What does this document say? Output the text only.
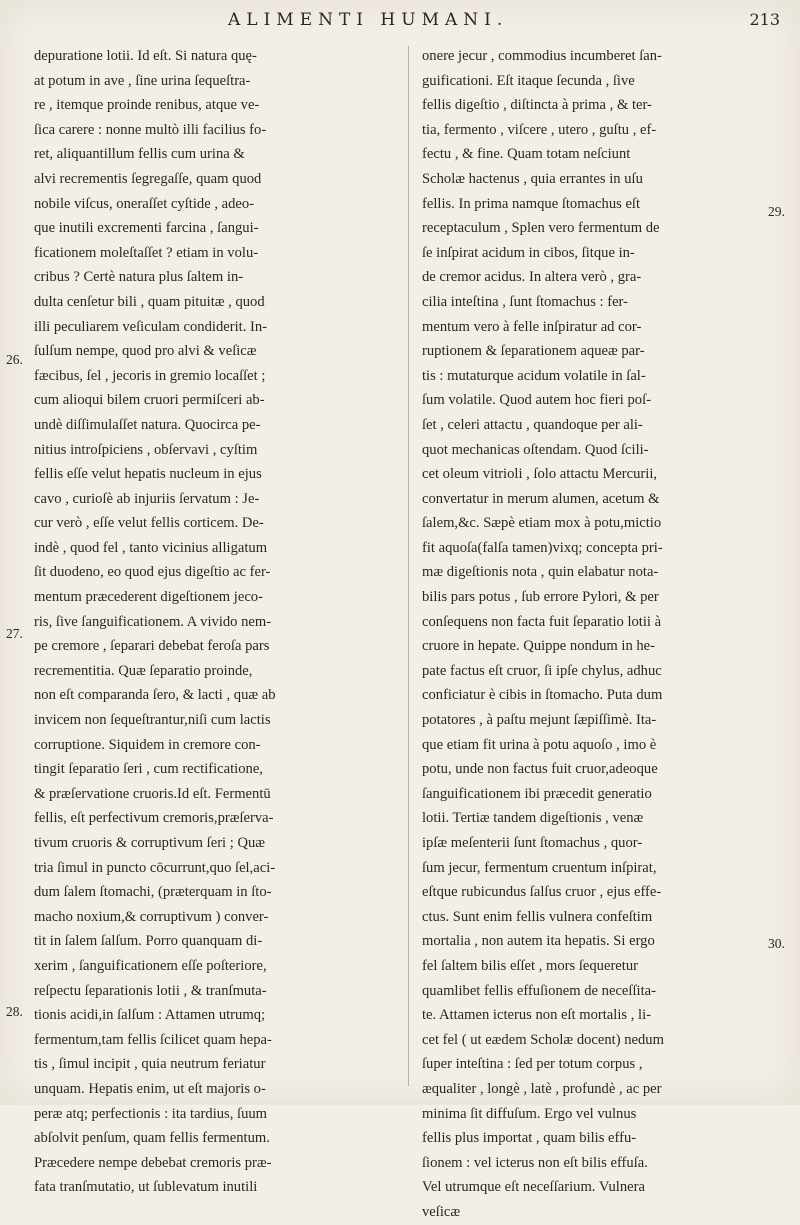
ALIMENTI HUMANI.	213
depuratione lotii. Id eſt. Si natura quę-
at potum in ave , ſine urina ſequeſtra-
re , itemque proinde renibus, atque ve-
ſica carere : nonne multò illi facilius fo-
ret, aliquantillum fellis cum urina &
alvi recrementis ſegregaſſe, quam quod
nobile viſcus, oneraſſet cyſtide , adeo-
que inutili excrementi farcina , ſangui-
ficationem moleſtaſſet ? etiam in volu-
cribus ? Certè natura plus ſaltem in-
dulta cenſetur bili , quam pituitæ , quod
illi peculiarem veſiculam condiderit. In-
ſulſum nempe, quod pro alvi & veſicæ
fæcibus, ſel , jecoris in gremio locaſſet ;
cum alioqui bilem cruori permiſceri ab-
undè diſſimulaſſet natura. Quocirca pe-
nitius introſpiciens , obſervavi , cyſtim
fellis eſſe velut hepatis nucleum in ejus
cavo , curioſè ab injuriis ſervatum : Je-
cur verò , eſſe velut fellis corticem. De-
indè , quod fel , tanto vicinius alligatum
ſit duodeno, eo quod ejus digeſtio ac fer-
mentum præcederent digeſtionem jeco-
ris, ſive ſanguificationem. A vivido nem-
pe cremore , ſeparari debebat feroſa pars
recrementitia. Quæ ſeparatio proinde,
non eſt comparanda ſero, & lacti , quæ ab
invicem non ſequeſtrantur,niſi cum lactis
corruptione. Siquidem in cremore con-
tingit ſeparatio ſeri , cum rectificatione,
& præſervatione cruoris.Id eſt. Fermentū
fellis, eſt perfectivum cremoris,præſerva-
tivum cruoris & corruptivum ſeri ; Quæ
tria ſimul in puncto cōcurrunt,quo ſel,aci-
dum ſalem ſtomachi, (præterquam in ſto-
macho noxium,& corruptivum ) conver-
tit in ſalem ſalſum. Porro quanquam di-
xerim , ſanguificationem eſſe poſteriore,
reſpectu ſeparationis lotii , & tranſmuta-
tionis acidi,in ſalſum : Attamen utrumq;
fermentum,tam fellis ſcilicet quam hepa-
tis , ſimul incipit , quia neutrum feriatur
unquam. Hepatis enim, ut eſt majoris o-
peræ atq; perfectionis : ita tardius, ſuum
abſolvit penſum, quam fellis fermentum.
Præcedere nempe debebat cremoris præ-
fata tranſmutatio, ut ſublevatum inutili
onere jecur , commodius incumberet ſan-
guificationi. Eſt itaque ſecunda , ſive
fellis digeſtio , diſtincta à prima , & ter-
tia, fermento , viſcere , utero , guſtu , ef-
fectu , & fine. Quam totam neſciunt
Scholæ hactenus , quia errantes in uſu
fellis. In prima namque ſtomachus eſt
receptaculum , Splen vero fermentum de
ſe inſpirat acidum in cibos, ſitque in-
de cremor acidus. In altera verò , gra-
cilia inteſtina , ſunt ſtomachus : fer-
mentum vero à felle inſpiratur ad cor-
ruptionem & ſeparationem aqueæ par-
tis : mutaturque acidum volatile in ſal-
ſum volatile. Quod autem hoc fieri poſ-
ſet , celeri attactu , quandoque per ali-
quot mechanicas oſtendam. Quod ſcili-
cet oleum vitrioli , ſolo attactu Mercurii,
convertatur in merum alumen, acetum &
ſalem,&c. Sæpè etiam mox à potu,mictio
fit aquoſa(falſa tamen)vixq; concepta pri-
mæ digeſtionis nota , quin elabatur nota-
bilis pars potus , ſub errore Pylori, & per
conſequens non facta fuit ſeparatio lotii à
cruore in hepate. Quippe nondum in he-
pate factus eſt cruor, ſi ipſe chylus, adhuc
conficiatur è cibis in ſtomacho. Puta dum
potatores , à paſtu mejunt ſæpiſſimè. Ita-
que etiam fit urina à potu aquoſo , imo è
potu, unde non factus fuit cruor,adeoque
ſanguificationem ibi præcedit generatio
lotii. Tertiæ tandem digeſtionis , venæ
ipſæ meſenterii ſunt ſtomachus , quor-
ſum jecur, fermentum cruentum inſpirat,
eſtque rubicundus ſalſus cruor , ejus effe-
ctus. Sunt enim fellis vulnera confeſtim
mortalia , non autem ita hepatis. Si ergo
fel ſaltem bilis eſſet , mors ſequeretur
quamlibet fellis effuſionem de neceſſita-
te. Attamen icterus non eſt mortalis , li-
cet fel ( ut eædem Scholæ docent) nedum
ſuper inteſtina : ſed per totum corpus ,
æqualiter , longè , latè , profundè , ac per
minima ſit diffuſum. Ergo vel vulnus
fellis plus importat , quam bilis effu-
ſionem : vel icterus non eſt bilis effuſa.
Vel utrumque eſt neceſſarium. Vulnera
veſicæ
26.
27.
28.
29.
30.
